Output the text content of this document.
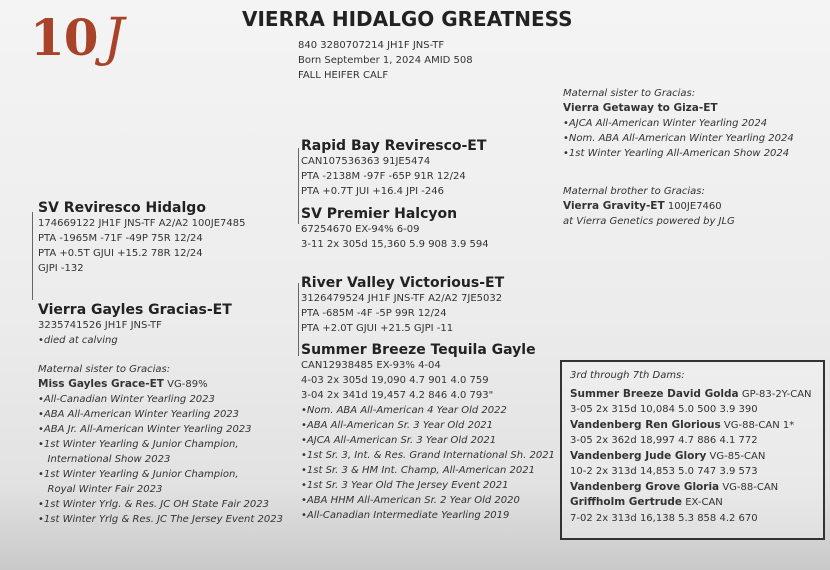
10 J	VIERRA HIDALGO GREATNESS
840 3280707214 JH1F JNS-TF
Born September 1, 2024 AMID 508
FALL HEIFER CALF
SV Reviresco Hidalgo
174669122 JH1F JNS-TF A2/A2 100JE7485
PTA -1965M -71F -49P 75R 12/24
PTA +0.5T GJUI +15.2 78R 12/24
GJPI -132
Rapid Bay Reviresco-ET
CAN107536363 91JE5474
PTA -2138M -97F -65P 91R 12/24
PTA +0.7T JUI +16.4 JPI -246
SV Premier Halcyon
67254670 EX-94% 6-09
3-11 2x 305d 15,360 5.9 908 3.9 594
Vierra Gayles Gracias-ET
3235741526 JH1F JNS-TF
•died at calving
River Valley Victorious-ET
3126479524 JH1F JNS-TF A2/A2 7JE5032
PTA -685M -4F -5P 99R 12/24
PTA +2.0T GJUI +21.5 GJPI -11
Summer Breeze Tequila Gayle
CAN12938485 EX-93% 4-04
4-03 2x 305d 19,090 4.7 901 4.0 759
3-04 2x 341d 19,457 4.2 846 4.0 793"
•Nom. ABA All-American 4 Year Old 2022
•ABA All-American Sr. 3 Year Old 2021
•AJCA All-American Sr. 3 Year Old 2021
•1st Sr. 3, Int. & Res. Grand International Sh. 2021
•1st Sr. 3 & HM Int. Champ, All-American 2021
•1st Sr. 3 Year Old The Jersey Event 2021
•ABA HHM All-American Sr. 2 Year Old 2020
•All-Canadian Intermediate Yearling 2019
Maternal sister to Gracias:
Miss Gayles Grace-ET VG-89%
•All-Canadian Winter Yearling 2023
•ABA All-American Winter Yearling 2023
•ABA Jr. All-American Winter Yearling 2023
•1st Winter Yearling & Junior Champion,
International Show 2023
•1st Winter Yearling & Junior Champion,
Royal Winter Fair 2023
•1st Winter Yrlg. & Res. JC OH State Fair 2023
•1st Winter Yrlg & Res. JC The Jersey Event 2023
Maternal sister to Gracias:
Vierra Getaway to Giza-ET
•AJCA All-American Winter Yearling 2024
•Nom. ABA All-American Winter Yearling 2024
•1st Winter Yearling All-American Show 2024
Maternal brother to Gracias:
Vierra Gravity-ET 100JE7460
at Vierra Genetics powered by JLG
3rd through 7th Dams:
Summer Breeze David Golda GP-83-2Y-CAN
3-05 2x 315d 10,084 5.0 500 3.9 390
Vandenberg Ren Glorious VG-88-CAN 1*
3-05 2x 362d 18,997 4.7 886 4.1 772
Vandenberg Jude Glory VG-85-CAN
10-2 2x 313d 14,853 5.0 747 3.9 573
Vandenberg Grove Gloria VG-88-CAN
Griffholm Gertrude EX-CAN
7-02 2x 313d 16,138 5.3 858 4.2 670
